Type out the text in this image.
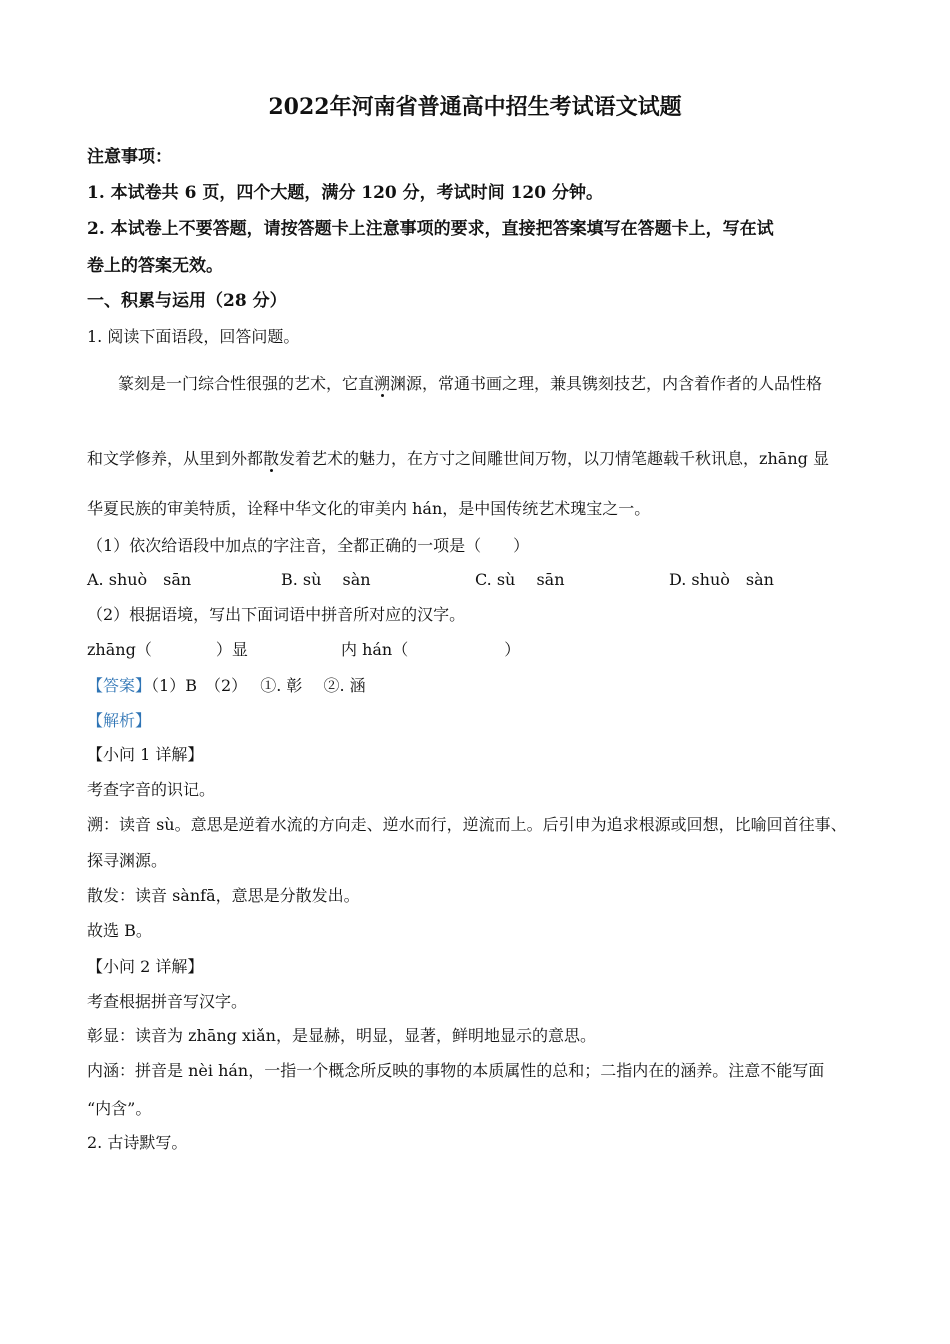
2022年河南省普通高中招生考试语文试题
注意事项：
1. 本试卷共 6 页，四个大题，满分 120 分，考试时间 120 分钟。
2. 本试卷上不要答题，请按答题卡上注意事项的要求，直接把答案填写在答题卡上，写在试
卷上的答案无效。
一、积累与运用（28 分）
1. 阅读下面语段，回答问题。
篆刻是一门综合性很强的艺术，它直溯渊源，常通书画之理，兼具镌刻技艺，内含着作者的人品性格
和文学修养，从里到外都散发着艺术的魅力，在方寸之间雕世间万物，以刀情笔趣载千秋讯息，zhāng 显
华夏民族的审美特质，诠释中华文化的审美内 hán，是中国传统艺术瑰宝之一。
（1）依次给语段中加点的字注音，全都正确的一项是（　　）
A. shuò　sān	B. sù　 sàn	C. sù　 sān	D. shuò　sàn
（2）根据语境，写出下面词语中拼音所对应的汉字。
zhāng（　　　　）显	内 hán（　　　　　　）
【答案】（1）B　（2）　 ①. 彰　 ②. 涵
【解析】
【小问 1 详解】
考查字音的识记。
溯：读音 sù。意思是逆着水流的方向走、逆水而行，逆流而上。后引申为追求根源或回想，比喻回首往事、
探寻渊源。
散发：读音 sànfā，意思是分散发出。
故选 B。
【小问 2 详解】
考查根据拼音写汉字。
彰显：读音为 zhāng xiǎn，是显赫，明显，显著，鲜明地显示的意思。
内涵：拼音是 nèi hán，一指一个概念所反映的事物的本质属性的总和；二指内在的涵养。注意不能写面
“内含”。
2. 古诗默写。
